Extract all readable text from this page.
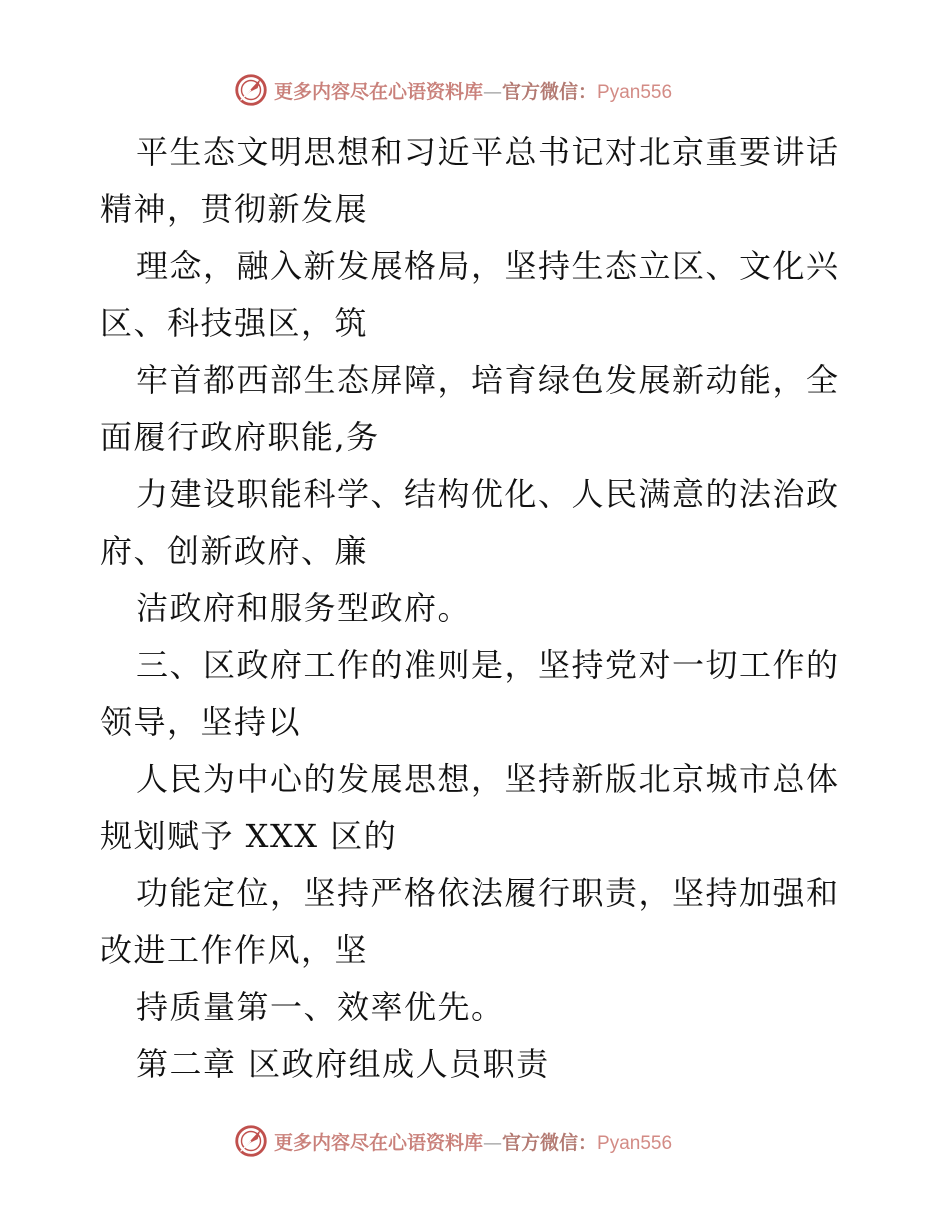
更多内容尽在心语资料库—官方微信：Pyan556
平生态文明思想和习近平总书记对北京重要讲话
精神，贯彻新发展
理念，融入新发展格局，坚持生态立区、文化兴
区、科技强区，筑
牢首都西部生态屏障，培育绿色发展新动能，全
面履行政府职能,务
力建设职能科学、结构优化、人民满意的法治政
府、创新政府、廉
洁政府和服务型政府。
三、区政府工作的准则是，坚持党对一切工作的
领导，坚持以
人民为中心的发展思想，坚持新版北京城市总体
规划赋予 XXX 区的
功能定位，坚持严格依法履行职责，坚持加强和
改进工作作风，坚
持质量第一、效率优先。
第二章 区政府组成人员职责
更多内容尽在心语资料库—官方微信：Pyan556
